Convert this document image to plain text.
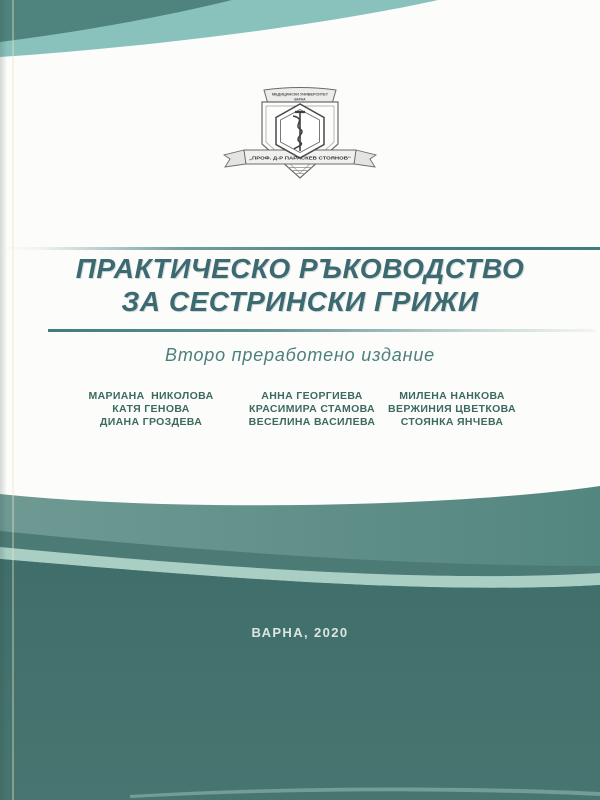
МЕДИЦИНСКИ УНИВЕРСИТЕТ
ВАРНА
„ПРОФ. Д-Р ПАРАСКЕВ СТОЯНОВ“
ПРАКТИЧЕСКО РЪКОВОДСТВО
ЗА СЕСТРИНСКИ ГРИЖИ
Второ преработено издание
МАРИАНА  НИКОЛОВА
КАТЯ ГЕНОВА
ДИАНА ГРОЗДЕВА
АННА ГЕОРГИЕВА
КРАСИМИРА СТАМОВА
ВЕСЕЛИНА ВАСИЛЕВА
МИЛЕНА НАНКОВА
ВЕРЖИНИЯ ЦВЕТКОВА
СТОЯНКА ЯНЧЕВА
ВАРНА, 2020
